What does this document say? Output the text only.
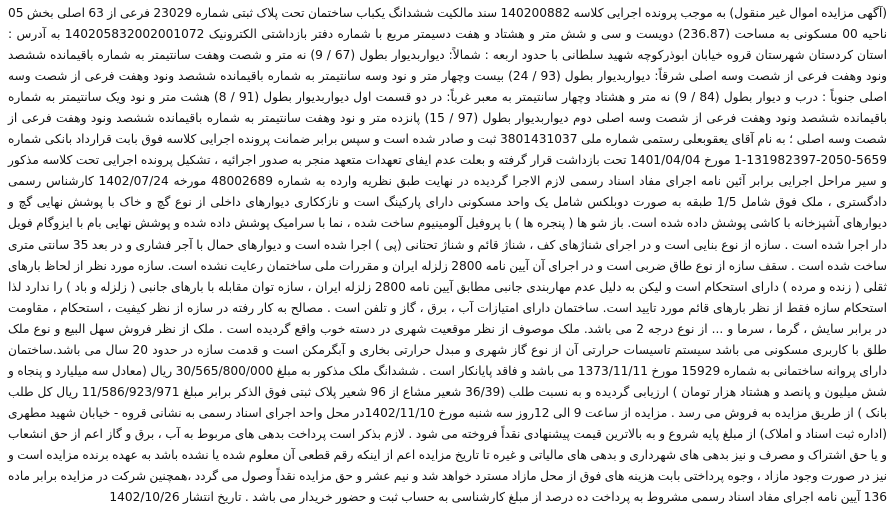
(آگهی مزایده اموال غیر منقول) به موجب پرونده اجرایی کلاسه 140200882 سند مالکیت ششدانگ یکباب ساختمان تحت پلاک ثبتی شماره 23029 فرعی از 63 اصلی بخش 05 ناحیه 00 مسکونی به مساحت (236.87) دویست و سی و شش متر و هشتاد و هفت دسیمتر مربع با شماره دفتر بازداشتی الکترونیک 140205832002001072 به آدرس : استان کردستان شهرستان قروه خیابان ابوذرکوچه شهید سلطانی با حدود اربعه : شمالاً: دیواربدیوار بطول (67 / 9) نه متر و شصت وهفت سانتیمتر به شماره باقیمانده ششصد ونود وهفت فرعی از شصت وسه اصلی شرقاً: دیواربدیوار بطول (93 / 24) بیست وچهار متر و نود وسه سانتیمتر به شماره باقیمانده ششصد ونود وهفت فرعی از شصت وسه اصلی جنوباً : درب و دیوار بطول (84 / 9) نه متر و هشتاد وچهار سانتیمتر به معبر غرباً: در دو قسمت اول دیواربدیوار بطول (91 / 8) هشت متر و نود ویک سانتیمتر به شماره باقیمانده ششصد ونود وهفت فرعی از شصت وسه اصلی دوم دیواربدیوار بطول (97 / 15) پانزده متر و نود وهفت سانتیمتر به شماره باقیمانده ششصد ونود وهفت فرعی از شصت وسه اصلی ؛ به نام آقای یعقوبعلی رستمی شماره ملی 3801431037 ثبت و صادر شده است و سپس برابر ضمانت پرونده اجرایی کلاسه فوق بابت قرارداد بانکی شماره 5659-2050-131982397-1 مورخ 1401/04/04 تحت بازداشت قرار گرفته و بعلت عدم ایفای تعهدات متعهد منجر به صدور اجرائیه ، تشکیل پرونده اجرایی تحت کلاسه مذکور و سیر مراحل اجرایی برابر آئین نامه اجرای مفاد اسناد رسمی لازم الاجرا گردیده در نهایت طبق نظریه وارده به شماره 48002689 مورخه 1402/07/24 کارشناس رسمی دادگستری ، ملک فوق شامل 1/5 طبقه به صورت دوبلکس شامل یک واحد مسکونی دارای پارکینگ است و نازککاری دیوارهای داخلی از نوع گچ و خاک با پوشش نهایی گچ و دیوارهای آشپزخانه با کاشی پوشش داده شده است. باز شو ها ( پنجره ها ) با پروفیل آلومینیوم ساخت شده ، نما با سرامیک پوشش داده شده و پوشش نهایی بام با ایزوگام فویل دار اجرا شده است . سازه از نوع بنایی است و در اجرای شناژهای کف ، شناژ قائم و شناژ تحتانی (پی ) اجرا شده است و دیوارهای حمال با آجر فشاری و در بعد 35 سانتی متری ساخت شده است . سقف سازه از نوع طاق ضربی است و در اجرای آن آیین نامه 2800 زلزله ایران و مقررات ملی ساختمان رعایت نشده است. سازه مورد نظر از لحاظ بارهای ثقلی ( زنده و مرده ) دارای استحکام است و لیکن به دلیل عدم مهاربندی جانبی مطابق آیین نامه 2800 زلزله ایران ، سازه توان مقابله با بارهای جانبی ( زلزله و باد ) را ندارد لذا استحکام سازه فقط از نظر بارهای قائم مورد تایید است. ساختمان دارای امتیازات آب ، برق ، گاز و تلفن است . مصالح به کار رفته در سازه از نظر کیفیت ، استحکام ، مقاومت در برابر سایش ، گرما ، سرما و ... از نوع درجه 2 می باشد. ملک موصوف از نظر موقعیت شهری در دسته خوب واقع گردیده است . ملک از نظر فروش سهل البیع و نوع ملک طلق با کاربری مسکونی می باشد سیستم تاسیسات حرارتی آن از نوع گاز شهری و مبدل حرارتی بخاری و آبگرمکن است و قدمت سازه در حدود 20 سال می باشد.ساختمان دارای پروانه ساختمانی به شماره 15929 مورخ 1373/11/11 می باشد و فاقد پایانکار است . ششدانگ ملک مذکور به مبلغ 30/565/800/000 ریال (معادل سه میلیارد و پنجاه و شش میلیون و پانصد و هشتاد هزار تومان ) ارزیابی گردیده و به نسبت طلب (36/39 شعیر مشاع از 96 شعیر پلاک ثبتی فوق الذکر برابر مبلغ 11/586/923/971 ریال کل طلب بانک ) از طریق مزایده به فروش می رسد . مزایده از ساعت 9 الی 12روز سه شنبه مورخ 1402/11/10در محل واحد اجرای اسناد رسمی به نشانی قروه - خیابان شهید مطهری (اداره ثبت اسناد و املاک) از مبلغ پایه شروع و به بالاترین قیمت پیشنهادی نقداً فروخته می شود . لازم بذکر است پرداخت بدهی های مربوط به آب ، برق و گاز اعم از حق انشعاب و یا حق اشتراک و مصرف و نیز بدهی های شهرداری و بدهی های مالیاتی و غیره تا تاریخ مزایده اعم از اینکه رقم قطعی آن معلوم شده یا نشده باشد به عهده برنده مزایده است و نیز در صورت وجود مازاد ، وجوه پرداختی بابت هزینه های فوق از محل مازاد مسترد خواهد شد و نیم عشر و حق مزایده نقداً وصول می گردد ،همچنین شرکت در مزایده برابر ماده 136 آیین نامه اجرای مفاد اسناد رسمی مشروط به پرداخت ده درصد از مبلغ کارشناسی به حساب ثبت و حضور خریدار می باشد . تاریخ انتشار 1402/10/26
